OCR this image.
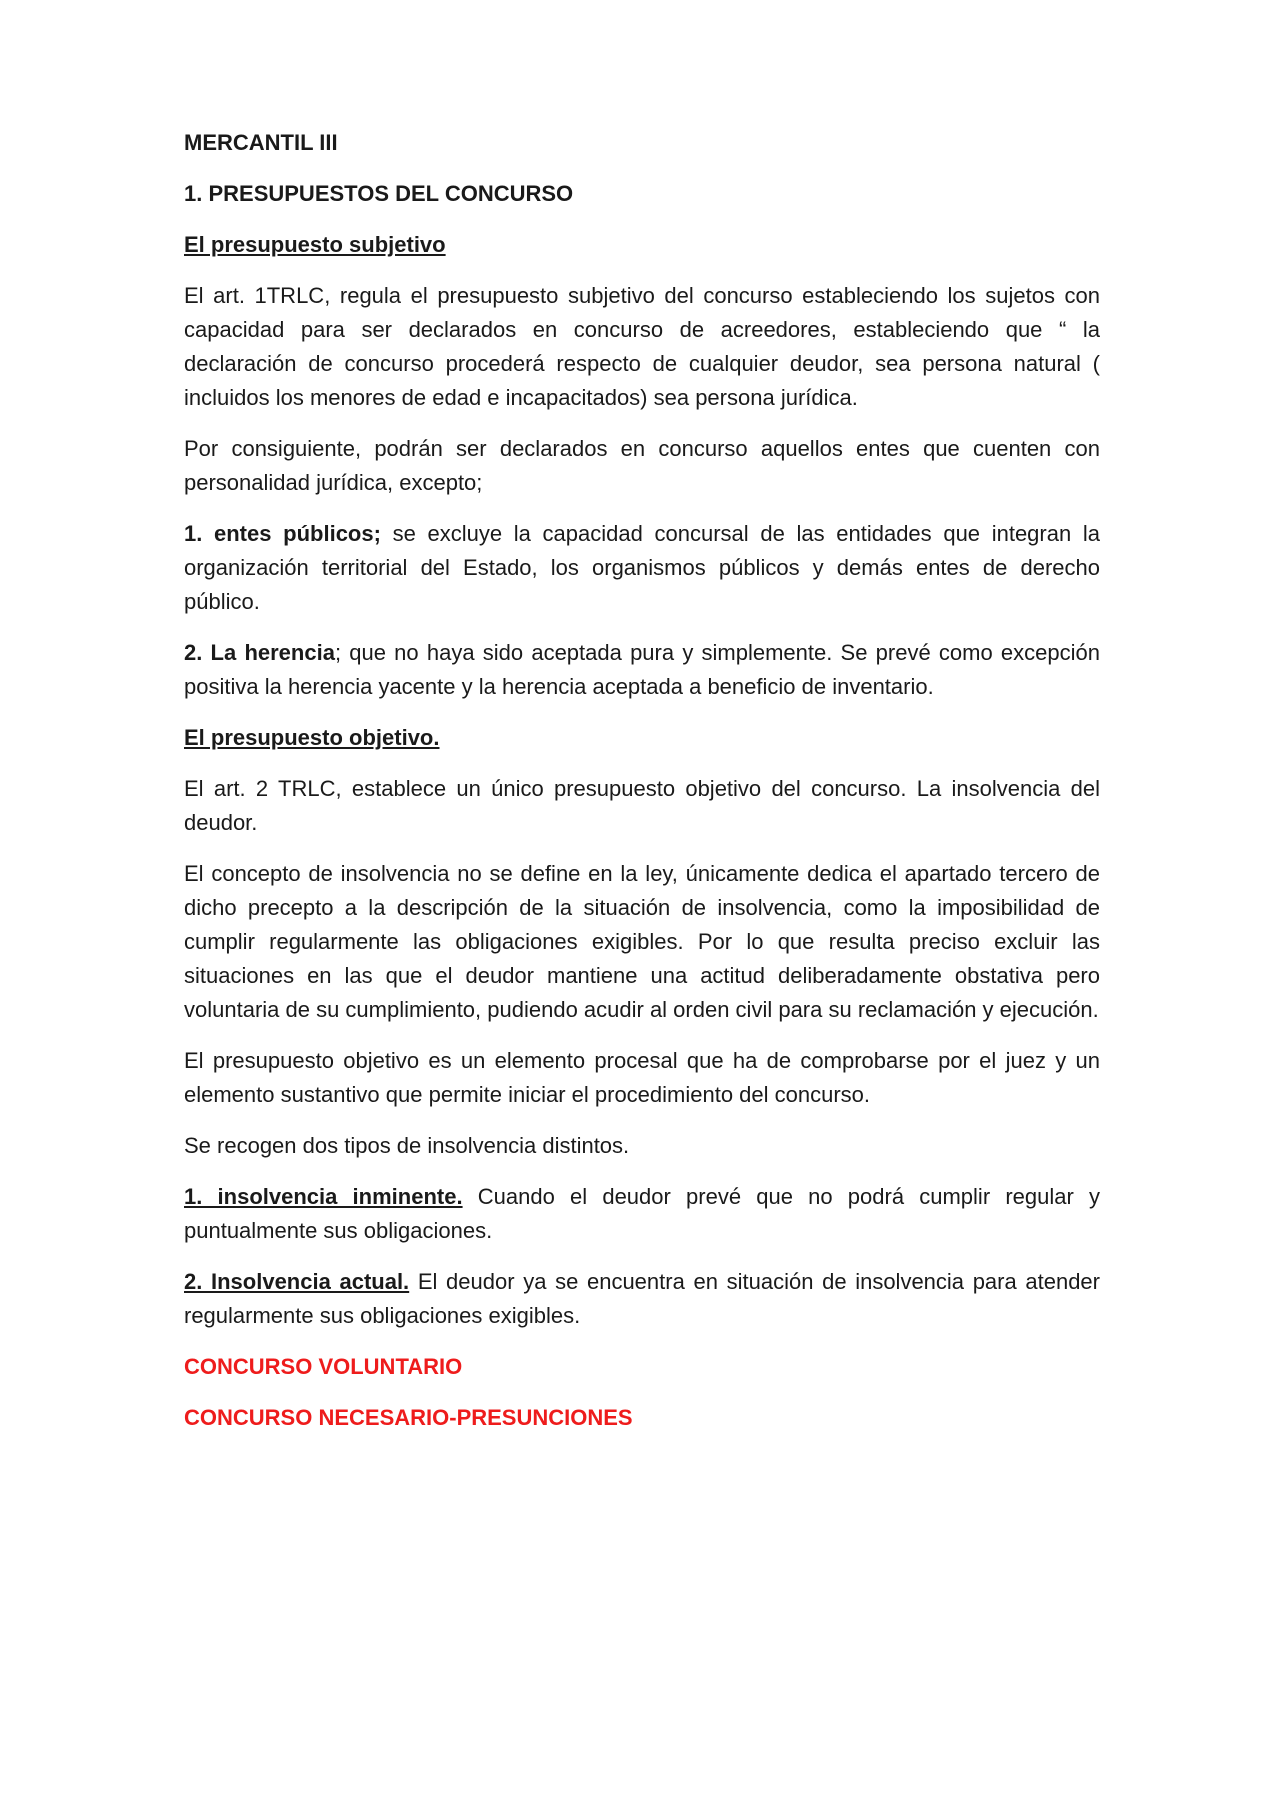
MERCANTIL III

1. PRESUPUESTOS DEL CONCURSO

El presupuesto subjetivo

El art. 1TRLC, regula el presupuesto subjetivo del concurso estableciendo los sujetos con capacidad para ser declarados en concurso de acreedores, estableciendo que “ la declaración de concurso procederá respecto de cualquier deudor, sea persona natural ( incluidos los menores de edad e incapacitados) sea persona jurídica.

Por consiguiente, podrán ser declarados en concurso aquellos entes que cuenten con personalidad jurídica, excepto;

1. entes públicos; se excluye la capacidad concursal de las entidades que integran la organización territorial del Estado, los organismos públicos y demás entes de derecho público.

2. La herencia; que no haya sido aceptada pura y simplemente. Se prevé como excepción positiva la herencia yacente y la herencia aceptada a beneficio de inventario.

El presupuesto objetivo.

El art. 2 TRLC, establece un único presupuesto objetivo del concurso. La insolvencia del deudor.

El concepto de insolvencia no se define en la ley, únicamente dedica el apartado tercero de dicho precepto a la descripción de la situación de insolvencia, como la imposibilidad de cumplir regularmente las obligaciones exigibles. Por lo que resulta preciso excluir las situaciones en las que el deudor mantiene una actitud deliberadamente obstativa pero voluntaria de su cumplimiento, pudiendo acudir al orden civil para su reclamación y ejecución.

El presupuesto objetivo es un elemento procesal que ha de comprobarse por el juez y un elemento sustantivo que permite iniciar el procedimiento del concurso.

Se recogen dos tipos de insolvencia distintos.

1. insolvencia inminente. Cuando el deudor prevé que no podrá cumplir regular y puntualmente sus obligaciones.

2. Insolvencia actual. El deudor ya se encuentra en situación de insolvencia para atender regularmente sus obligaciones exigibles.

CONCURSO VOLUNTARIO

CONCURSO NECESARIO-PRESUNCIONES
